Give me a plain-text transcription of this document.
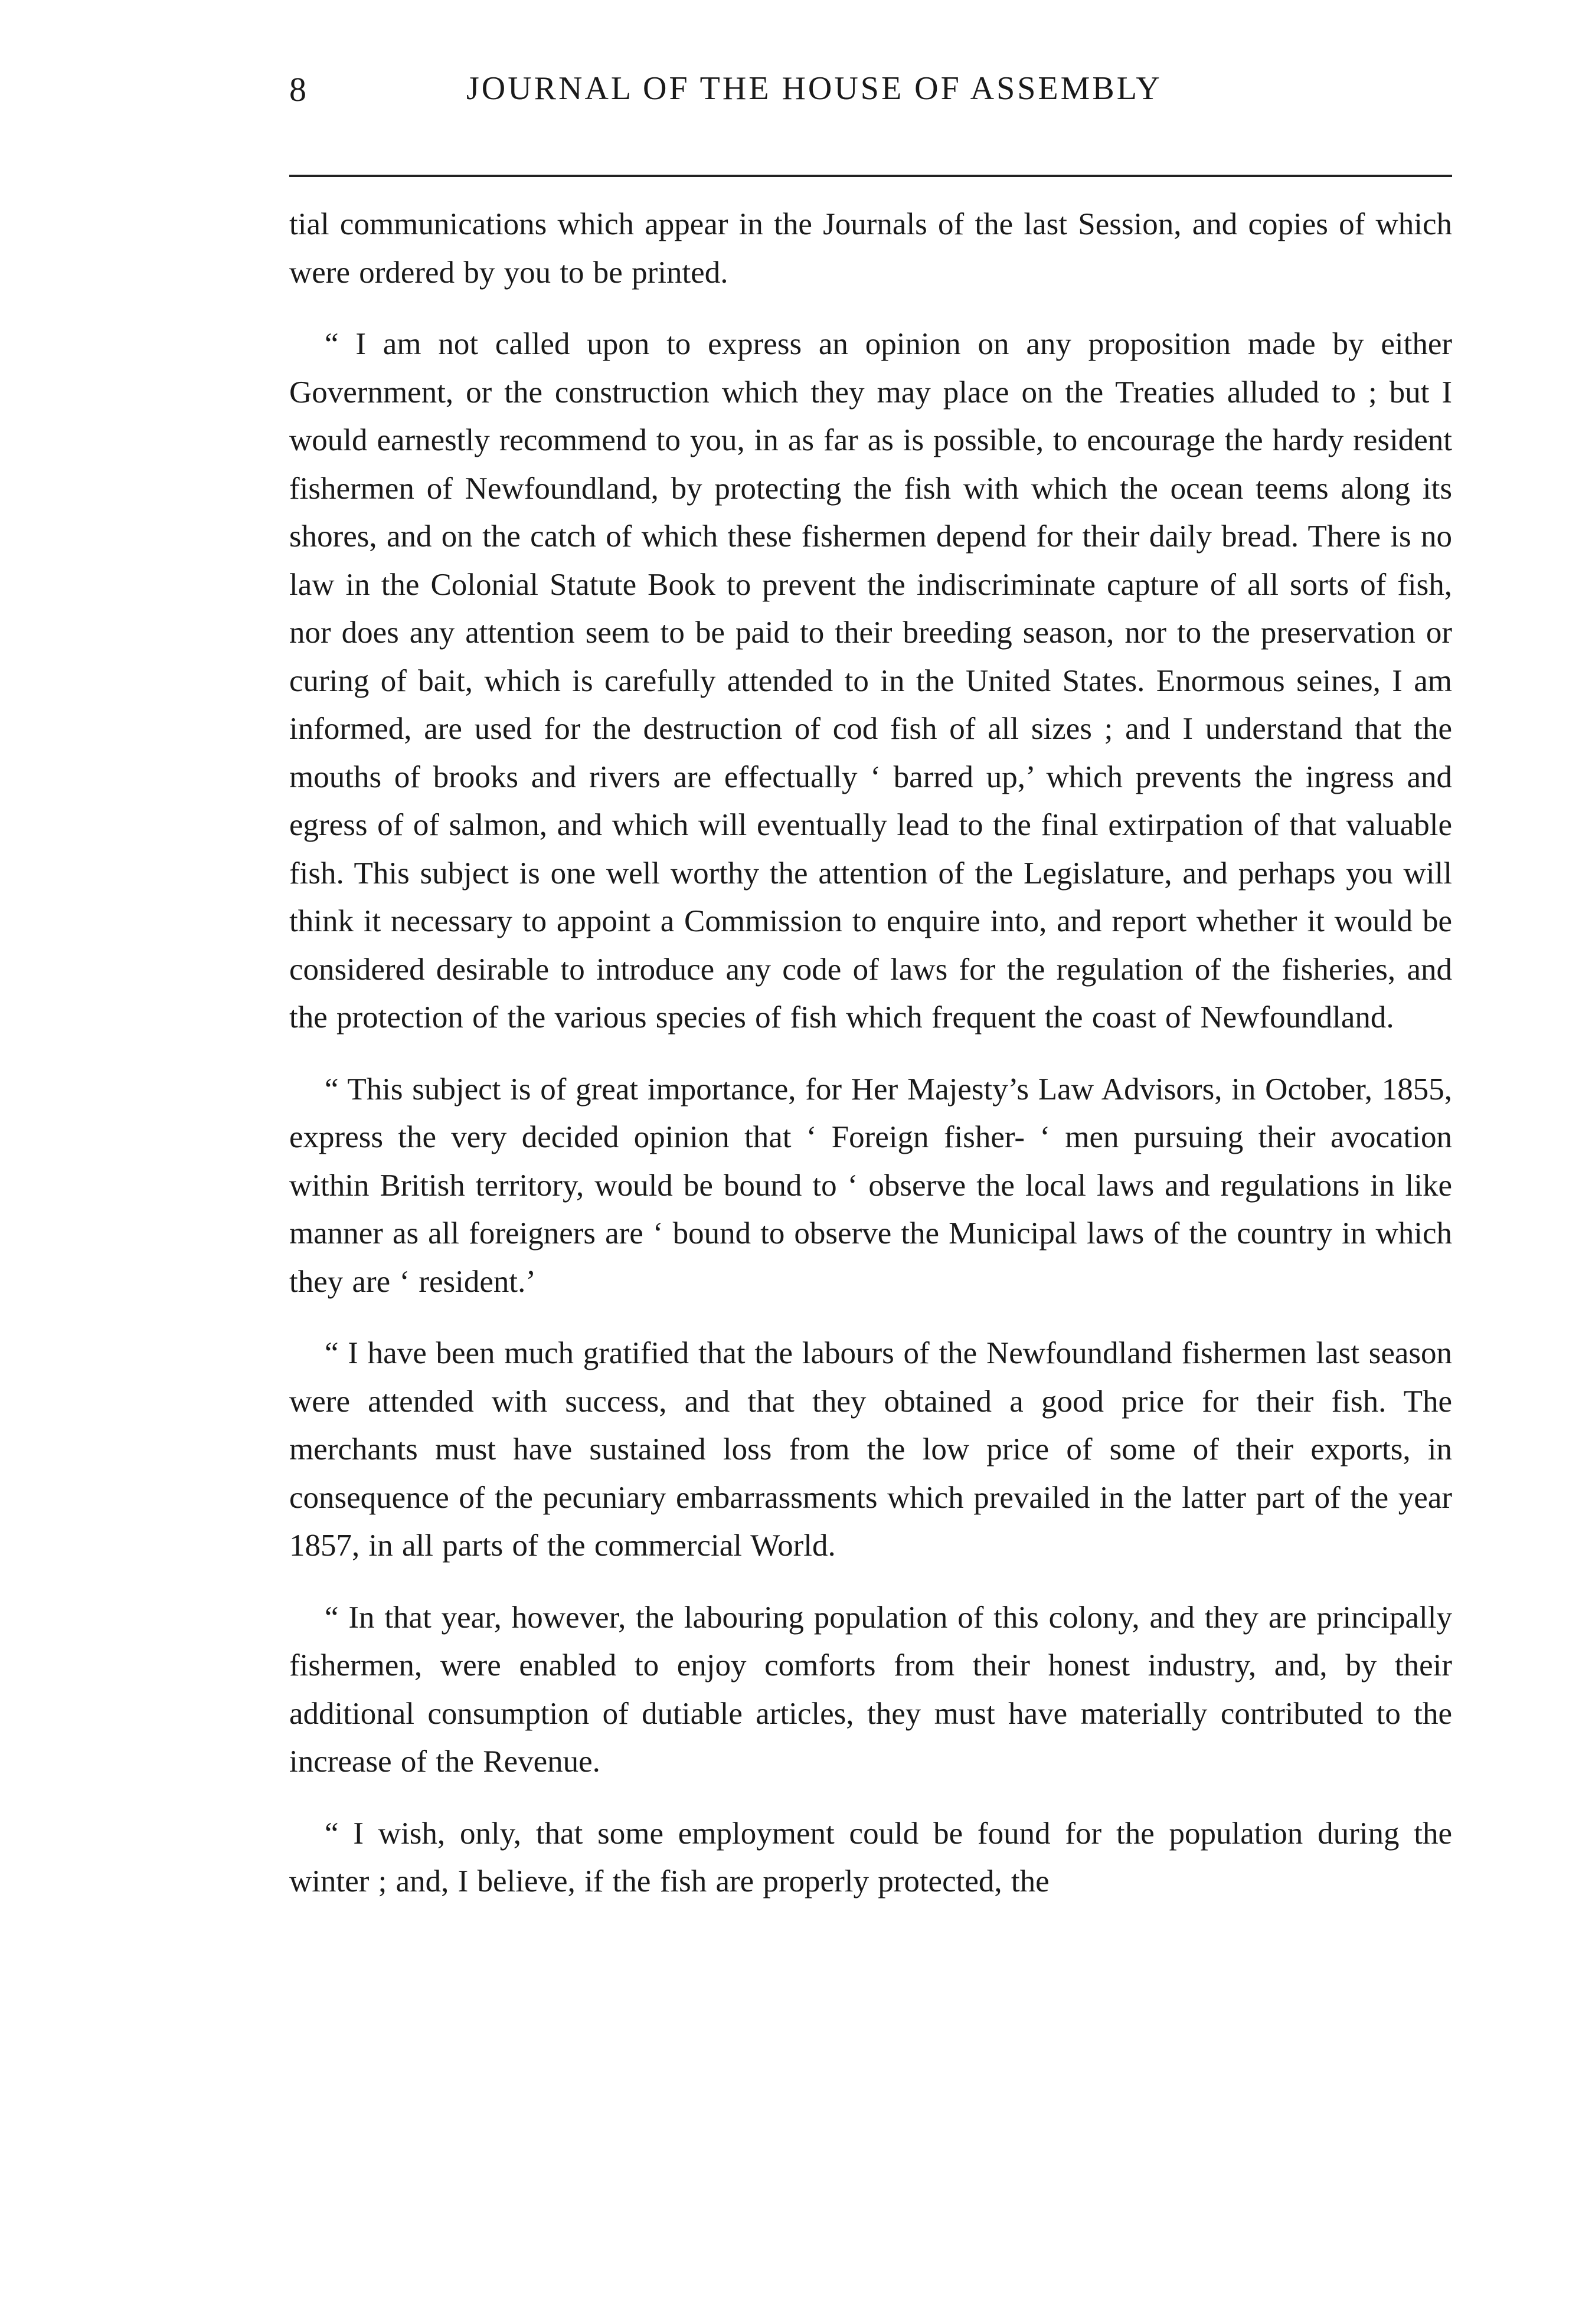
8	JOURNAL OF THE HOUSE OF ASSEMBLY

tial communications which appear in the Journals of the last Session, and copies of which were ordered by you to be printed.

“ I am not called upon to express an opinion on any proposition made by either Government, or the construction which they may place on the Treaties alluded to ; but I would earnestly recommend to you, in as far as is possible, to encourage the hardy resident fishermen of Newfoundland, by protecting the fish with which the ocean teems along its shores, and on the catch of which these fishermen depend for their daily bread. There is no law in the Colonial Statute Book to prevent the indiscriminate capture of all sorts of fish, nor does any attention seem to be paid to their breeding season, nor to the preservation or curing of bait, which is carefully attended to in the United States. Enormous seines, I am informed, are used for the destruction of cod fish of all sizes ; and I understand that the mouths of brooks and rivers are effectually ‘ barred up,’ which prevents the ingress and egress of of salmon, and which will eventually lead to the final extirpation of that valuable fish. This subject is one well worthy the attention of the Legislature, and perhaps you will think it necessary to appoint a Commission to enquire into, and report whether it would be considered desirable to introduce any code of laws for the regulation of the fisheries, and the protection of the various species of fish which frequent the coast of Newfoundland.

“ This subject is of great importance, for Her Majesty’s Law Advisors, in October, 1855, express the very decided opinion that ‘ Foreign fisher- ‘ men pursuing their avocation within British territory, would be bound to ‘ observe the local laws and regulations in like manner as all foreigners are ‘ bound to observe the Municipal laws of the country in which they are ‘ resident.’

“ I have been much gratified that the labours of the Newfoundland fishermen last season were attended with success, and that they obtained a good price for their fish. The merchants must have sustained loss from the low price of some of their exports, in consequence of the pecuniary embarrassments which prevailed in the latter part of the year 1857, in all parts of the commercial World.

“ In that year, however, the labouring population of this colony, and they are principally fishermen, were enabled to enjoy comforts from their honest industry, and, by their additional consumption of dutiable articles, they must have materially contributed to the increase of the Revenue.

“ I wish, only, that some employment could be found for the population during the winter ; and, I believe, if the fish are properly protected, the
